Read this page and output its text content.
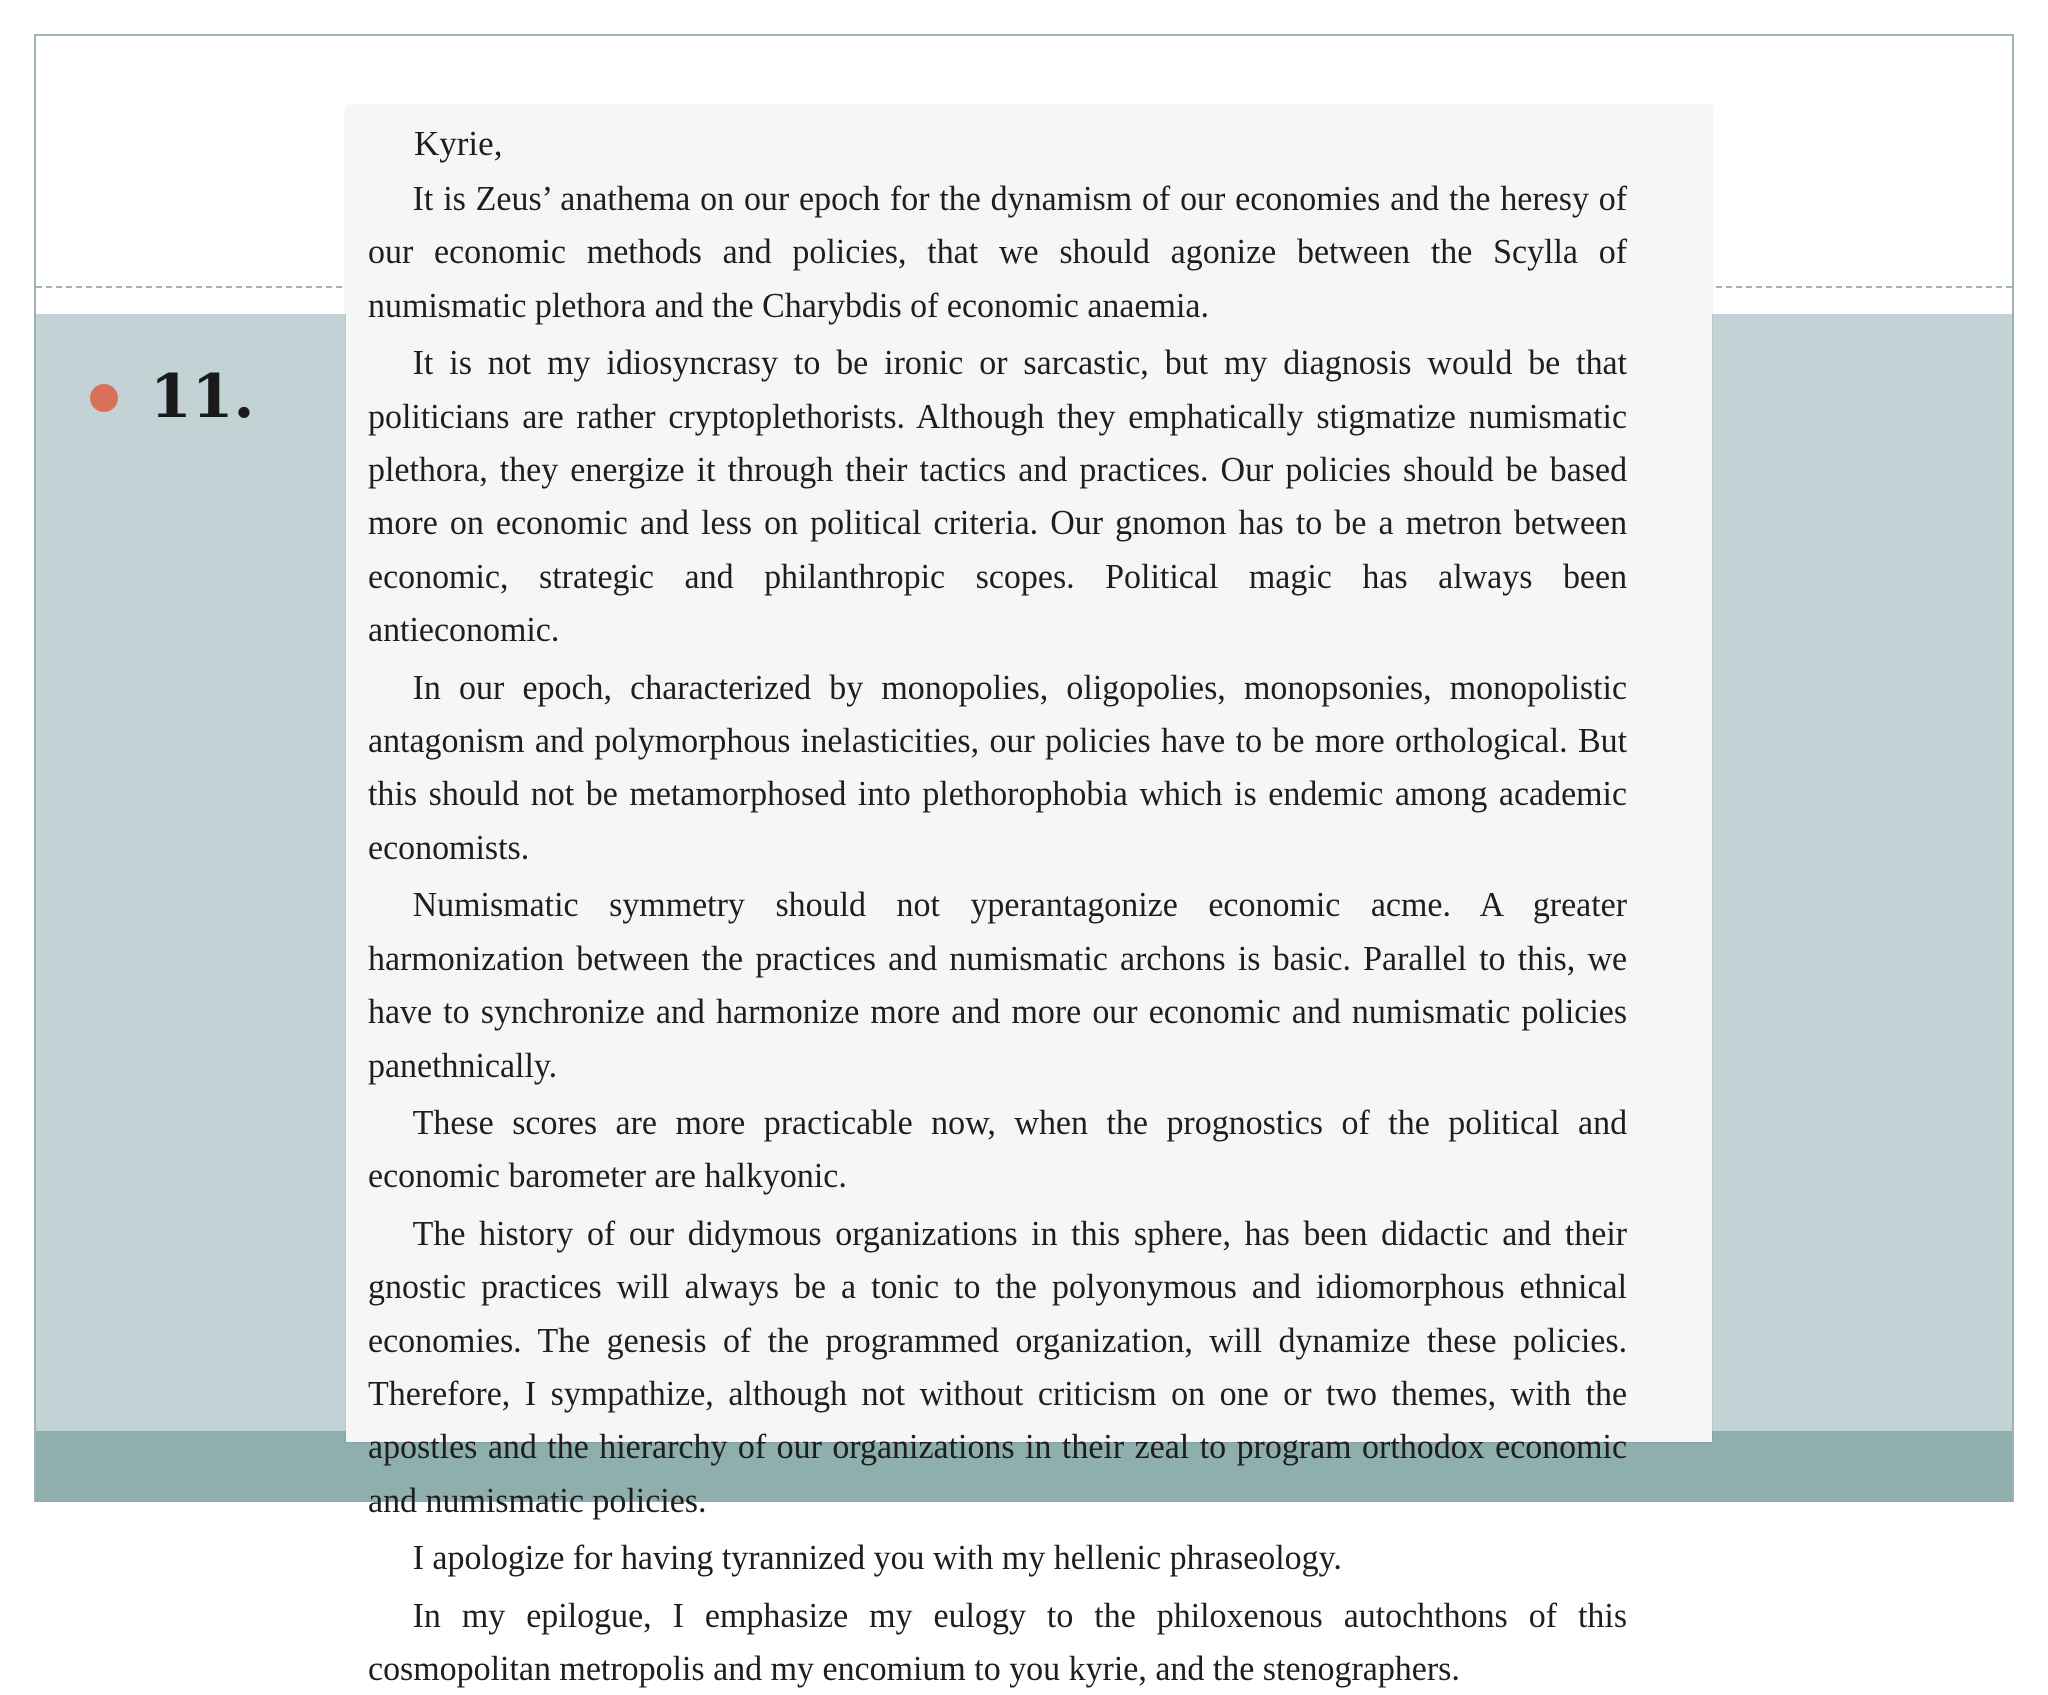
11.

Kyrie,

It is Zeus’ anathema on our epoch for the dynamism of our economies and the heresy of our economic methods and policies, that we should agonize between the Scylla of numismatic plethora and the Charybdis of economic anaemia.

It is not my idiosyncrasy to be ironic or sarcastic, but my diagnosis would be that politicians are rather cryptoplethorists. Although they emphatically stigmatize numismatic plethora, they energize it through their tactics and practices. Our policies should be based more on economic and less on political criteria. Our gnomon has to be a metron between economic, strategic and philanthropic scopes. Political magic has always been antieconomic.

In our epoch, characterized by monopolies, oligopolies, monopsonies, monopolistic antagonism and polymorphous inelasticities, our policies have to be more orthological. But this should not be metamorphosed into plethorophobia which is endemic among academic economists.

Numismatic symmetry should not yperantagonize economic acme. A greater harmonization between the practices and numismatic archons is basic. Parallel to this, we have to synchronize and harmonize more and more our economic and numismatic policies panethnically.

These scores are more practicable now, when the prognostics of the political and economic barometer are halkyonic.

The history of our didymous organizations in this sphere, has been didactic and their gnostic practices will always be a tonic to the polyonymous and idiomorphous ethnical economies. The genesis of the programmed organization, will dynamize these policies. Therefore, I sympathize, although not without criticism on one or two themes, with the apostles and the hierarchy of our organizations in their zeal to program orthodox economic and numismatic policies.

I apologize for having tyrannized you with my hellenic phraseology.

In my epilogue, I emphasize my eulogy to the philoxenous autochthons of this cosmopolitan metropolis and my encomium to you kyrie, and the stenographers.
